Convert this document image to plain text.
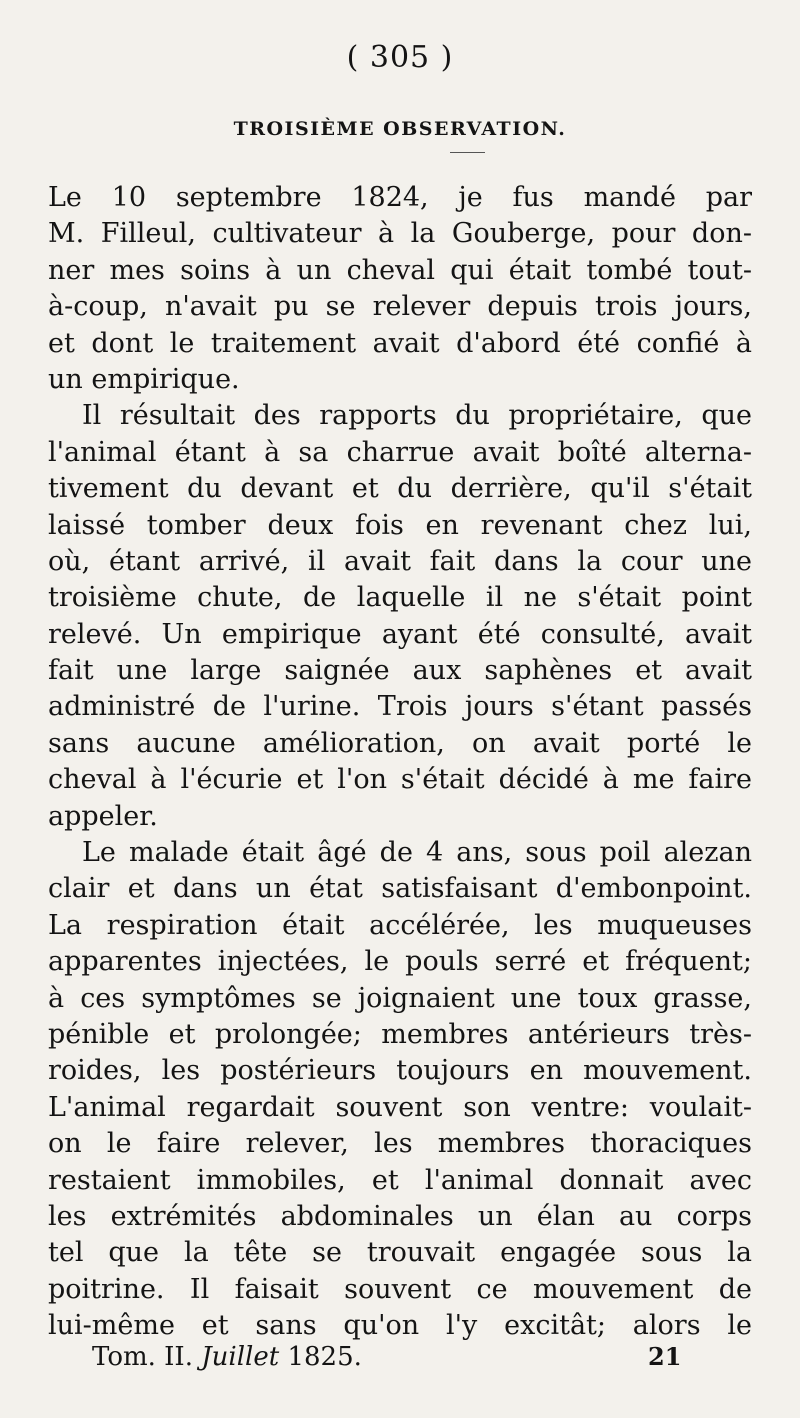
( 305 )
TROISIÈME OBSERVATION.
Le 10 septembre 1824, je fus mandé par
M. Filleul, cultivateur à la Gouberge, pour don-
ner mes soins à un cheval qui était tombé tout-
à-coup, n'avait pu se relever depuis trois jours,
et dont le traitement avait d'abord été confié à
un empirique.
Il résultait des rapports du propriétaire, que
l'animal étant à sa charrue avait boîté alterna-
tivement du devant et du derrière, qu'il s'était
laissé tomber deux fois en revenant chez lui,
où, étant arrivé, il avait fait dans la cour une
troisième chute, de laquelle il ne s'était point
relevé. Un empirique ayant été consulté, avait
fait une large saignée aux saphènes et avait
administré de l'urine. Trois jours s'étant passés
sans aucune amélioration, on avait porté le
cheval à l'écurie et l'on s'était décidé à me faire
appeler.
Le malade était âgé de 4 ans, sous poil alezan
clair et dans un état satisfaisant d'embonpoint.
La respiration était accélérée, les muqueuses
apparentes injectées, le pouls serré et fréquent;
à ces symptômes se joignaient une toux grasse,
pénible et prolongée; membres antérieurs très-
roides, les postérieurs toujours en mouvement.
L'animal regardait souvent son ventre: voulait-
on le faire relever, les membres thoraciques
restaient immobiles, et l'animal donnait avec
les extrémités abdominales un élan au corps
tel que la tête se trouvait engagée sous la
poitrine. Il faisait souvent ce mouvement de
lui-même et sans qu'on l'y excitât; alors le
Tom. II. Juillet 1825.	21
